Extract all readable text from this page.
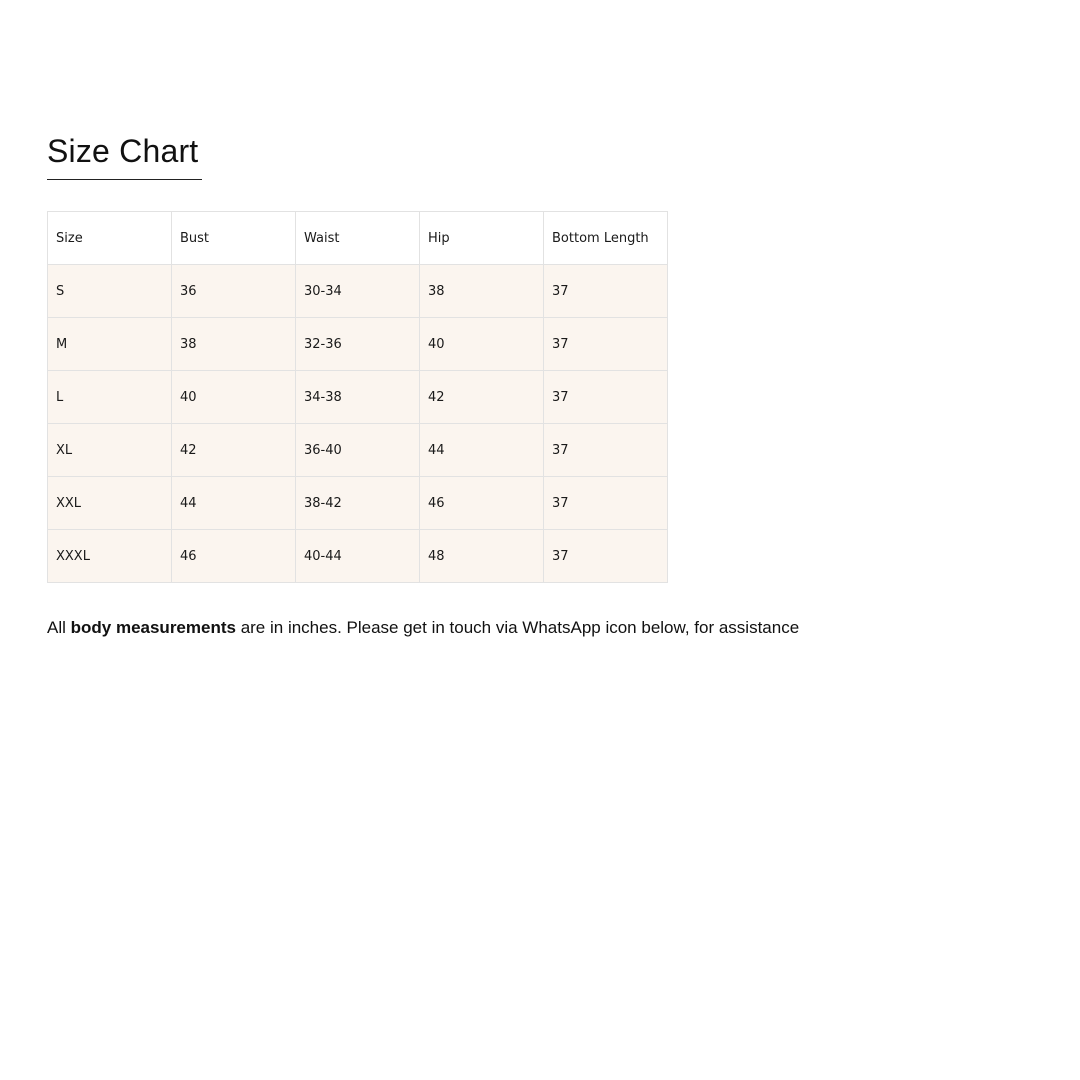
Size Chart
Size	Bust	Waist	Hip	Bottom Length
S	36	30-34	38	37
M	38	32-36	40	37
L	40	34-38	42	37
XL	42	36-40	44	37
XXL	44	38-42	46	37
XXXL	46	40-44	48	37

All body measurements are in inches. Please get in touch via WhatsApp icon below, for assistance
